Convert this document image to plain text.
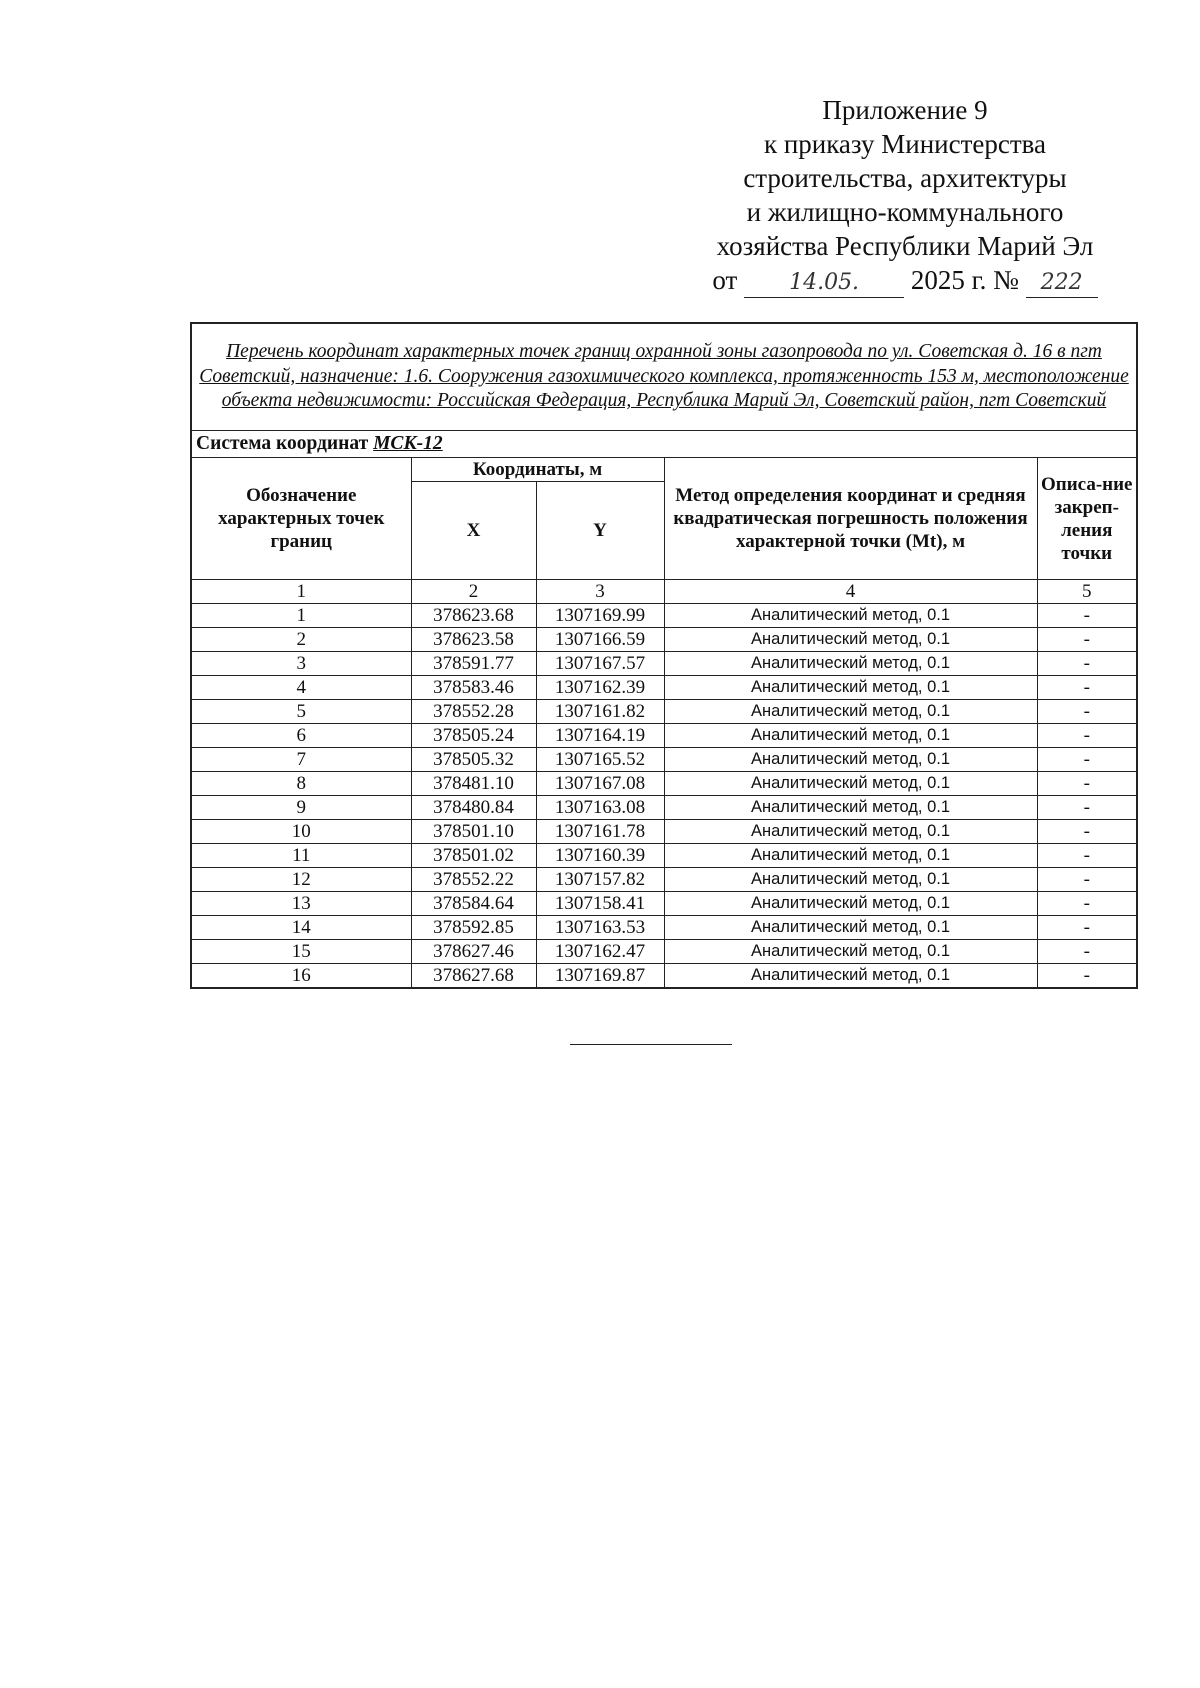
Приложение 9
к приказу Министерства
строительства, архитектуры
и жилищно-коммунального
хозяйства Республики Марий Эл
от 14.05. 2025 г. № 222
Перечень координат характерных точек границ охранной зоны газопровода по ул. Советская д. 16 в пгт Советский, назначение: 1.6. Сооружения газохимического комплекса, протяженность 153 м, местоположение объекта недвижимости: Российская Федерация, Республика Марий Эл, Советский район, пгт Советский				
Система координат МСК-12				
Обозначение характерных точек границ	Координаты, м		Метод определения координат и средняя квадратическая погрешность положения характерной точки (Mt), м	Описа-ние закреп-ления точки
	X	Y		
1	2	3	4	5
1	378623.68	1307169.99	Аналитический метод, 0.1	-
2	378623.58	1307166.59	Аналитический метод, 0.1	-
3	378591.77	1307167.57	Аналитический метод, 0.1	-
4	378583.46	1307162.39	Аналитический метод, 0.1	-
5	378552.28	1307161.82	Аналитический метод, 0.1	-
6	378505.24	1307164.19	Аналитический метод, 0.1	-
7	378505.32	1307165.52	Аналитический метод, 0.1	-
8	378481.10	1307167.08	Аналитический метод, 0.1	-
9	378480.84	1307163.08	Аналитический метод, 0.1	-
10	378501.10	1307161.78	Аналитический метод, 0.1	-
11	378501.02	1307160.39	Аналитический метод, 0.1	-
12	378552.22	1307157.82	Аналитический метод, 0.1	-
13	378584.64	1307158.41	Аналитический метод, 0.1	-
14	378592.85	1307163.53	Аналитический метод, 0.1	-
15	378627.46	1307162.47	Аналитический метод, 0.1	-
16	378627.68	1307169.87	Аналитический метод, 0.1	-
